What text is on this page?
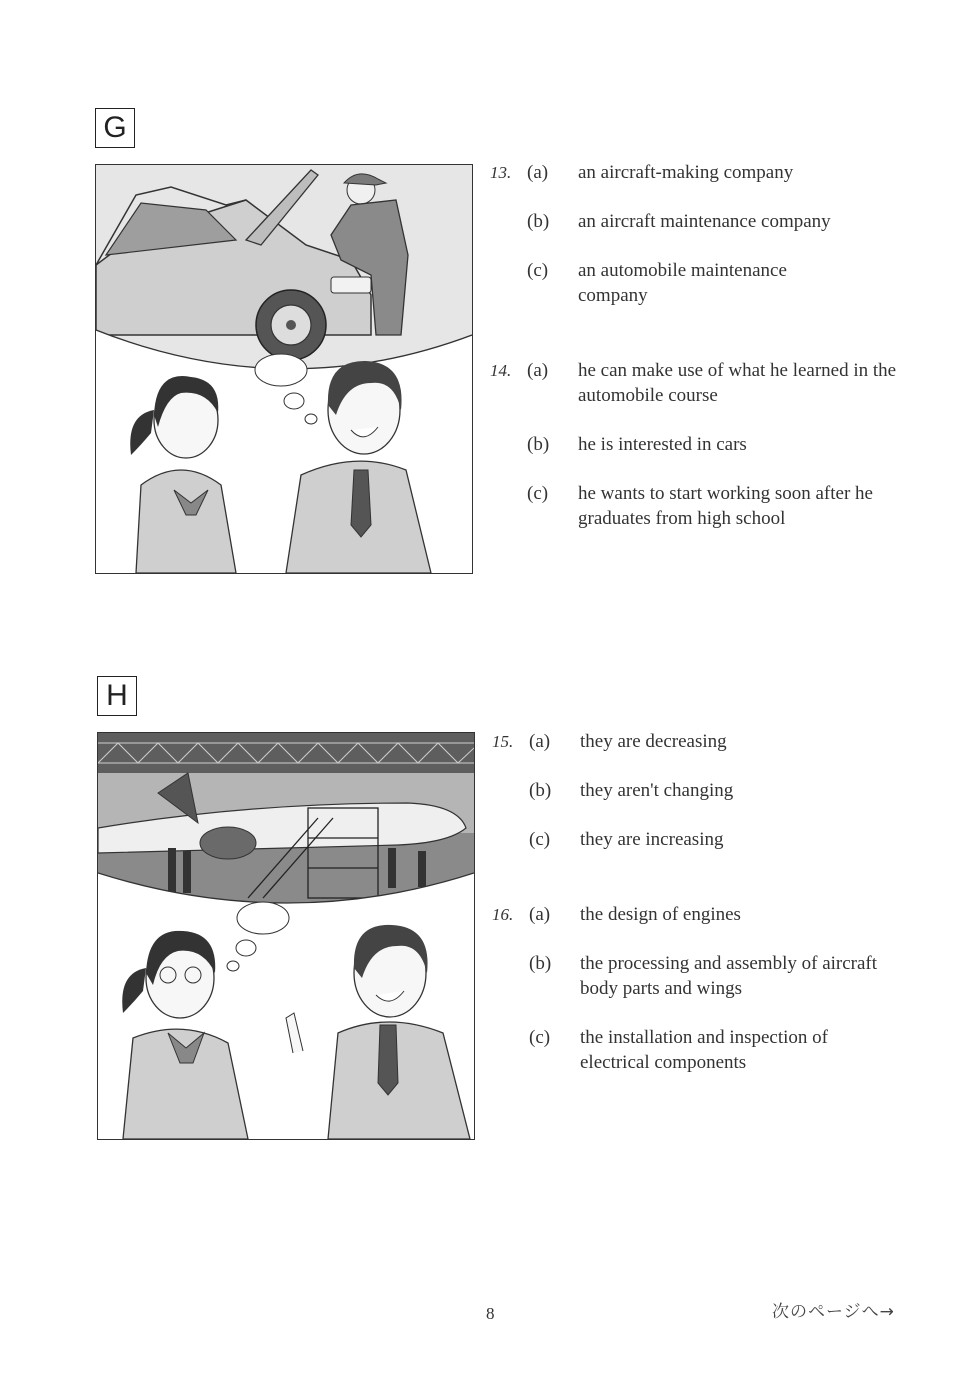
G
13. (a) an aircraft-making company
(b) an aircraft maintenance company
(c) an automobile maintenance company
14. (a) he can make use of what he learned in the automobile course
(b) he is interested in cars
(c) he wants to start working soon after he graduates from high school
H
15. (a) they are decreasing
(b) they aren't changing
(c) they are increasing
16. (a) the design of engines
(b) the processing and assembly of aircraft body parts and wings
(c) the installation and inspection of electrical components
8	次のページへ→
